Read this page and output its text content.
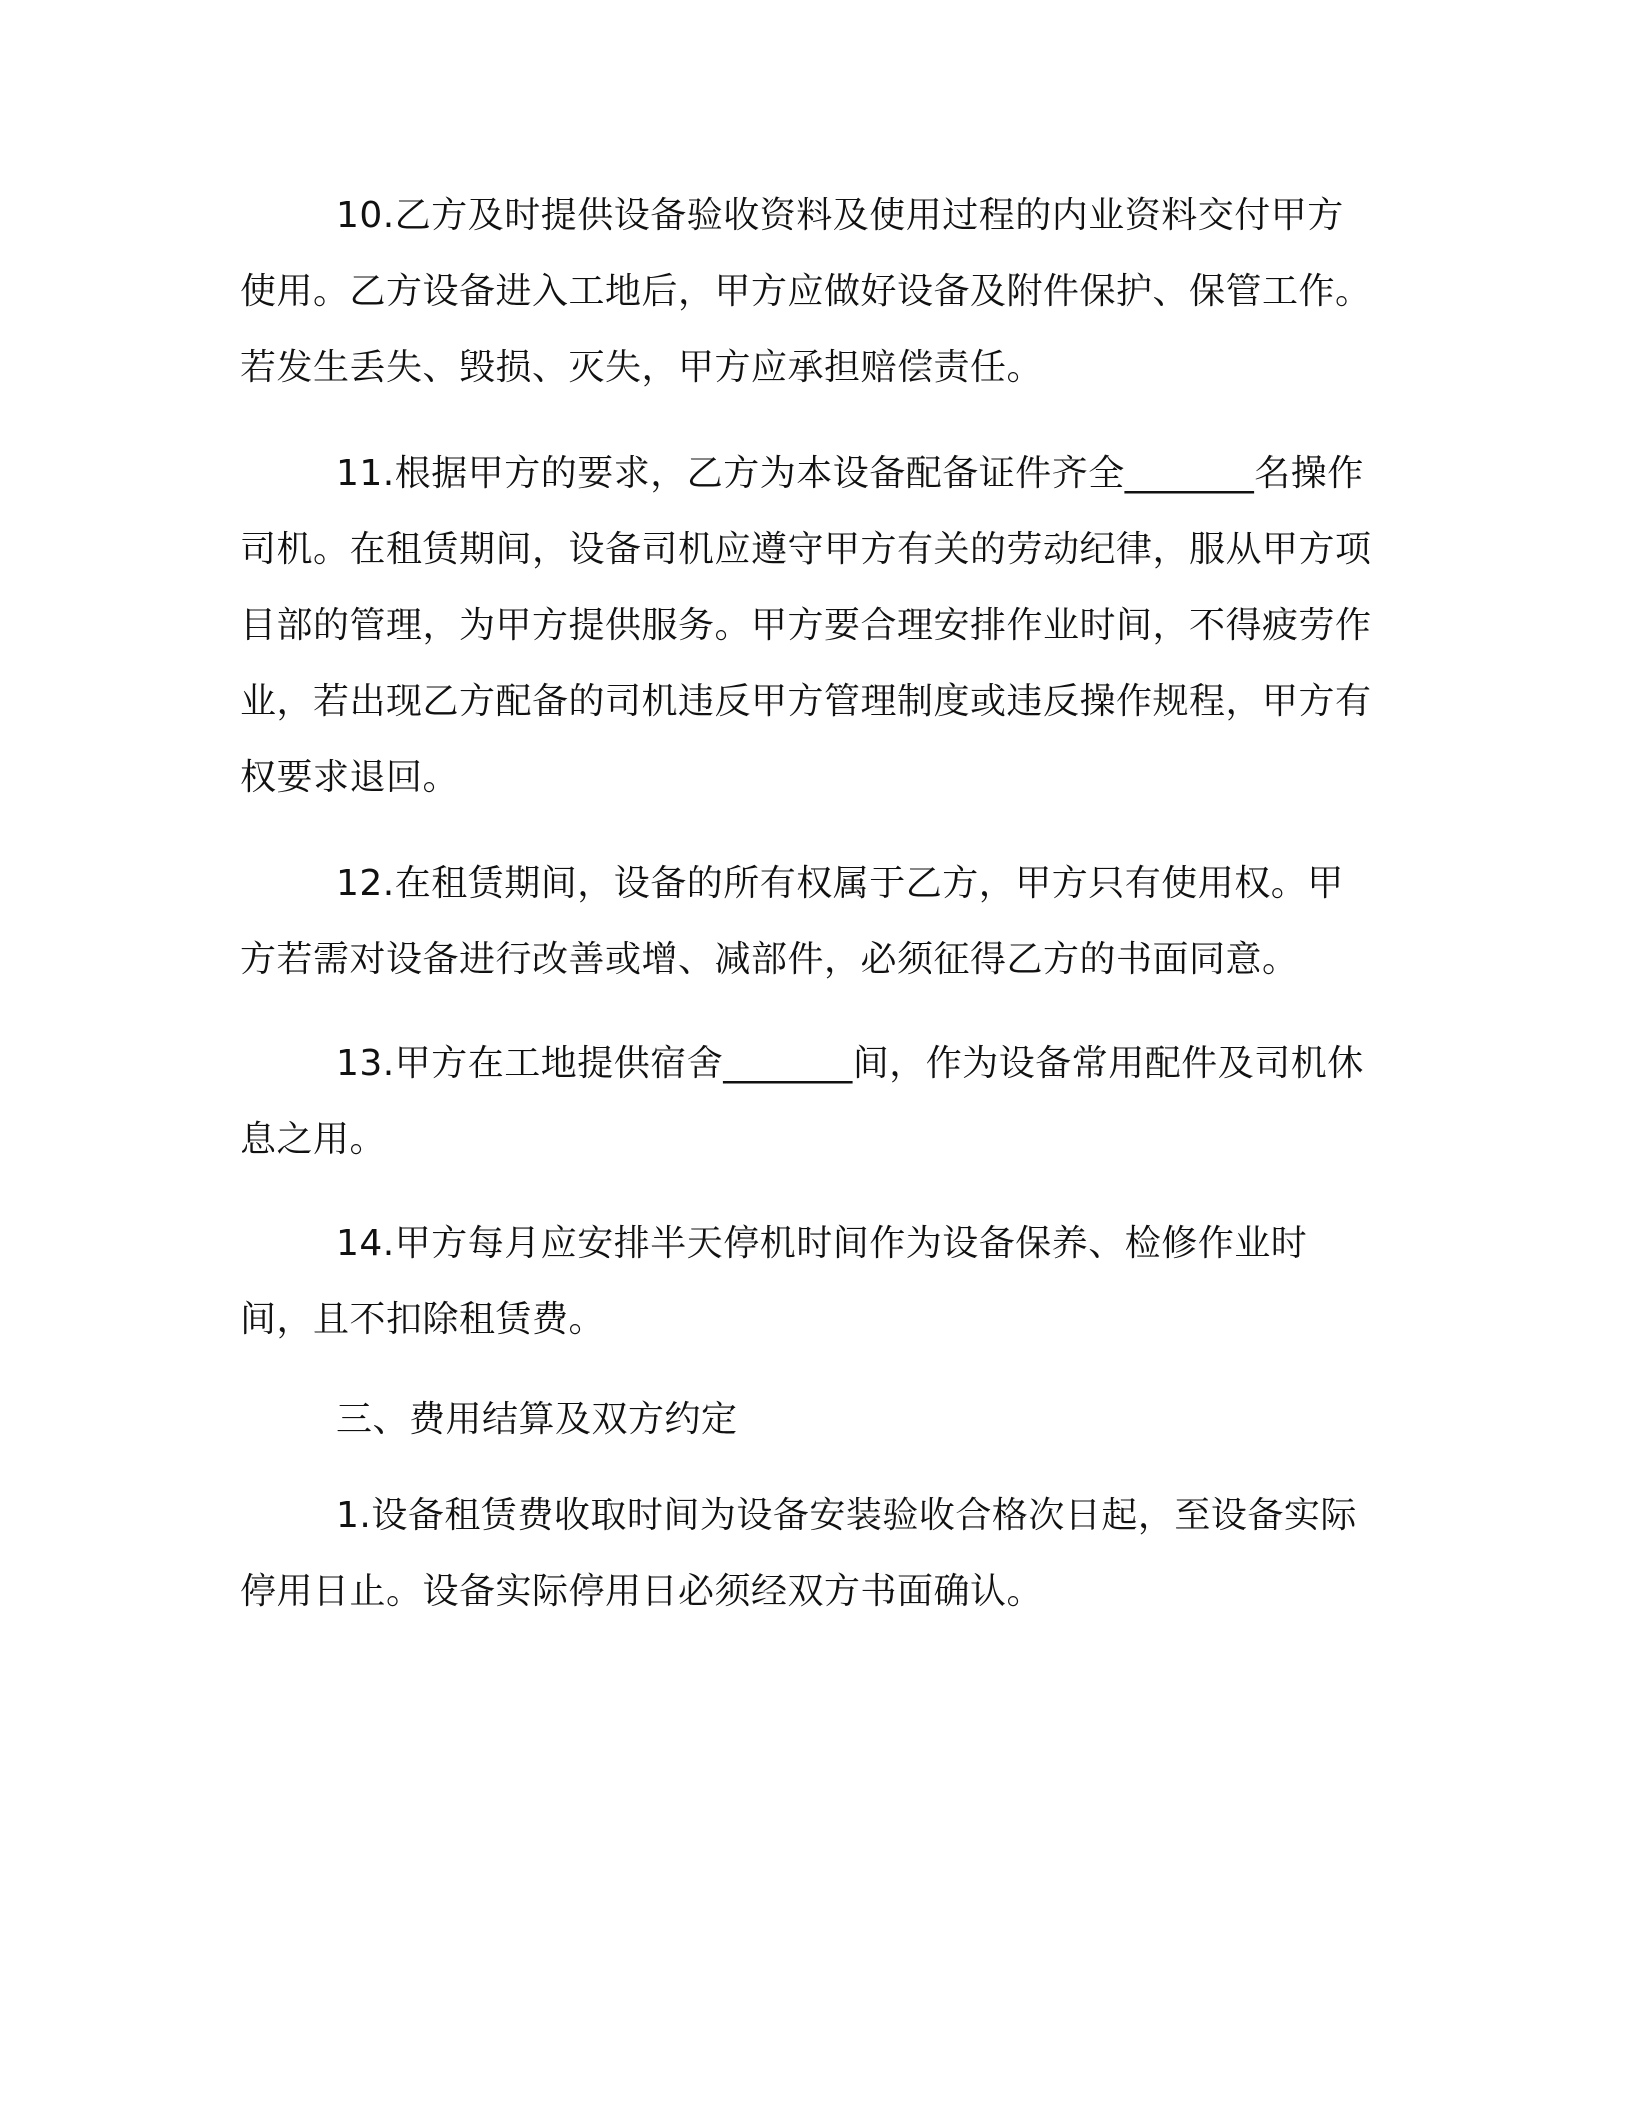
10.乙方及时提供设备验收资料及使用过程的内业资料交付甲方使用。乙方设备进入工地后，甲方应做好设备及附件保护、保管工作。若发生丢失、毁损、灭失，甲方应承担赔偿责任。

11.根据甲方的要求，乙方为本设备配备证件齐全_______名操作司机。在租赁期间，设备司机应遵守甲方有关的劳动纪律，服从甲方项目部的管理，为甲方提供服务。甲方要合理安排作业时间，不得疲劳作业，若出现乙方配备的司机违反甲方管理制度或违反操作规程，甲方有权要求退回。

12.在租赁期间，设备的所有权属于乙方，甲方只有使用权。甲方若需对设备进行改善或增、减部件，必须征得乙方的书面同意。

13.甲方在工地提供宿舍_______间，作为设备常用配件及司机休息之用。

14.甲方每月应安排半天停机时间作为设备保养、检修作业时间，且不扣除租赁费。

三、费用结算及双方约定

1.设备租赁费收取时间为设备安装验收合格次日起，至设备实际停用日止。设备实际停用日必须经双方书面确认。
